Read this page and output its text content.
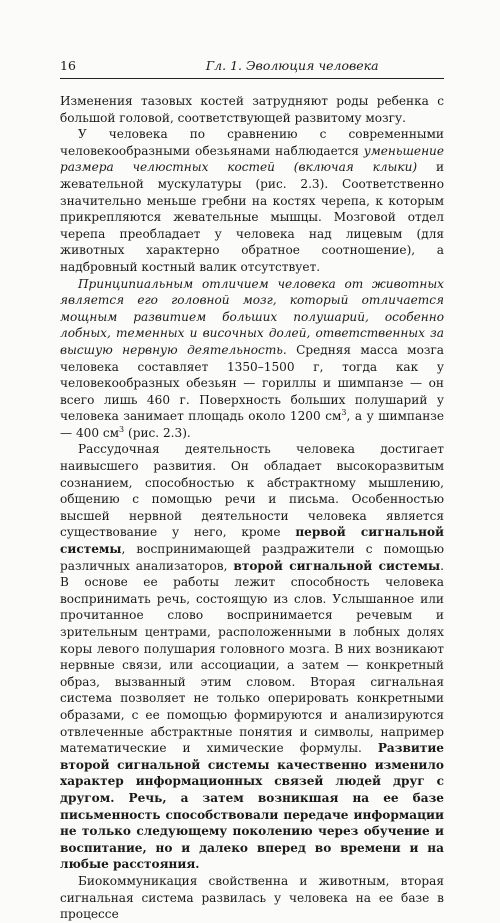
16	Гл. 1. Эволюция человека

Изменения тазовых костей затрудняют роды ребенка с большой головой, соответствующей развитому мозгу.

У человека по сравнению с современными человекообразными обезьянами наблюдается уменьшение размера челюстных костей (включая клыки) и жевательной мускулатуры (рис. 2.3). Соответственно значительно меньше гребни на костях черепа, к которым прикрепляются жевательные мышцы. Мозговой отдел черепа преобладает у человека над лицевым (для животных характерно обратное соотношение), а надбровный костный валик отсутствует.

Принципиальным отличием человека от животных является его головной мозг, который отличается мощным развитием больших полушарий, особенно лобных, теменных и височных долей, ответственных за высшую нервную деятельность. Средняя масса мозга человека составляет 1350–1500 г, тогда как у человекообразных обезьян — гориллы и шимпанзе — он всего лишь 460 г. Поверхность больших полушарий у человека занимает площадь около 1200 $см^3$, а у шимпанзе — 400 $см^3$ (рис. 2.3).

Рассудочная деятельность человека достигает наивысшего развития. Он обладает высокоразвитым сознанием, способностью к абстрактному мышлению, общению с помощью речи и письма. Особенностью высшей нервной деятельности человека является существование у него, кроме первой сигнальной системы, воспринимающей раздражители с помощью различных анализаторов, второй сигнальной системы. В основе ее работы лежит способность человека воспринимать речь, состоящую из слов. Услышанное или прочитанное слово воспринимается речевым и зрительным центрами, расположенными в лобных долях коры левого полушария головного мозга. В них возникают нервные связи, или ассоциации, а затем — конкретный образ, вызванный этим словом. Вторая сигнальная система позволяет не только оперировать конкретными образами, с ее помощью формируются и анализируются отвлеченные абстрактные понятия и символы, например математические и химические формулы. Развитие второй сигнальной системы качественно изменило характер информационных связей людей друг с другом. Речь, а затем возникшая на ее базе письменность способствовали передаче информации не только следующему поколению через обучение и воспитание, но и далеко вперед во времени и на любые расстояния.

Биокоммуникация свойственна и животным, вторая сигнальная система развилась у человека на ее базе в процессе
